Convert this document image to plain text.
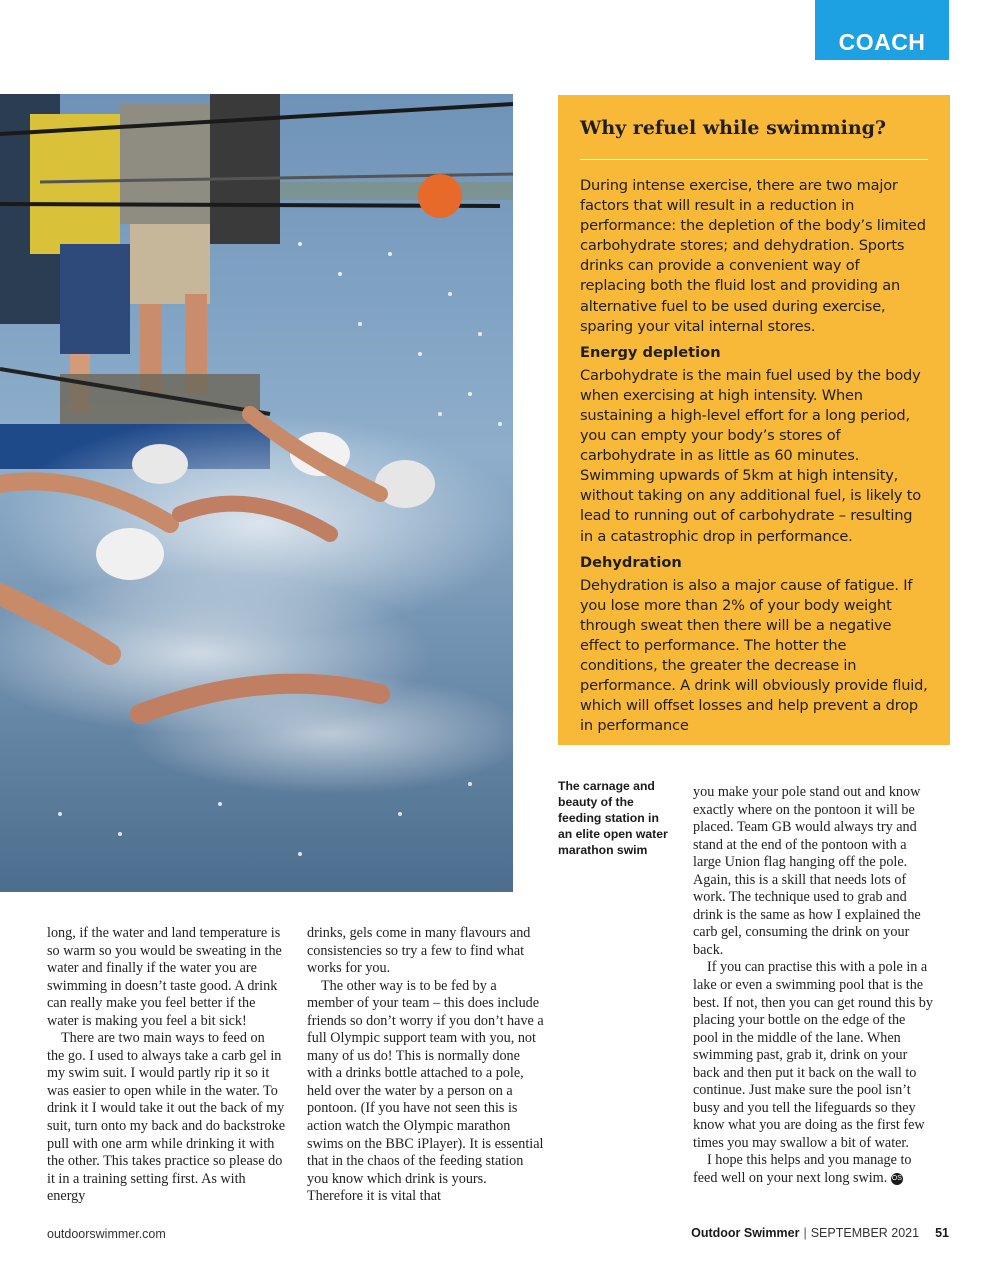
COACH
Why refuel while swimming?

During intense exercise, there are two major factors that will result in a reduction in performance: the depletion of the body’s limited carbohydrate stores; and dehydration. Sports drinks can provide a convenient way of replacing both the fluid lost and providing an alternative fuel to be used during exercise, sparing your vital internal stores.

Energy depletion

Carbohydrate is the main fuel used by the body when exercising at high intensity. When sustaining a high-level effort for a long period, you can empty your body’s stores of carbohydrate in as little as 60 minutes. Swimming upwards of 5km at high intensity, without taking on any additional fuel, is likely to lead to running out of carbohydrate – resulting in a catastrophic drop in performance.

Dehydration

Dehydration is also a major cause of fatigue. If you lose more than 2% of your body weight through sweat then there will be a negative effect to performance. The hotter the conditions, the greater the decrease in performance. A drink will obviously provide fluid, which will offset losses and help prevent a drop in performance

The carnage and beauty of the feeding station in an elite open water marathon swim

long, if the water and land temperature is so warm so you would be sweating in the water and finally if the water you are swimming in doesn’t taste good. A drink can really make you feel better if the water is making you feel a bit sick!

There are two main ways to feed on the go. I used to always take a carb gel in my swim suit. I would partly rip it so it was easier to open while in the water. To drink it I would take it out the back of my suit, turn onto my back and do backstroke pull with one arm while drinking it with the other. This takes practice so please do it in a training setting first. As with energy

drinks, gels come in many flavours and consistencies so try a few to find what works for you.

The other way is to be fed by a member of your team – this does include friends so don’t worry if you don’t have a full Olympic support team with you, not many of us do! This is normally done with a drinks bottle attached to a pole, held over the water by a person on a pontoon. (If you have not seen this is action watch the Olympic marathon swims on the BBC iPlayer). It is essential that in the chaos of the feeding station you know which drink is yours. Therefore it is vital that

you make your pole stand out and know exactly where on the pontoon it will be placed. Team GB would always try and stand at the end of the pontoon with a large Union flag hanging off the pole. Again, this is a skill that needs lots of work. The technique used to grab and drink is the same as how I explained the carb gel, consuming the drink on your back.

If you can practise this with a pole in a lake or even a swimming pool that is the best. If not, then you can get round this by placing your bottle on the edge of the pool in the middle of the lane. When swimming past, grab it, drink on your back and then put it back on the wall to continue. Just make sure the pool isn’t busy and you tell the lifeguards so they know what you are doing as the first few times you may swallow a bit of water.

I hope this helps and you manage to feed well on your next long swim. OS

outdoorswimmer.com	Outdoor Swimmer | SEPTEMBER 2021 51
